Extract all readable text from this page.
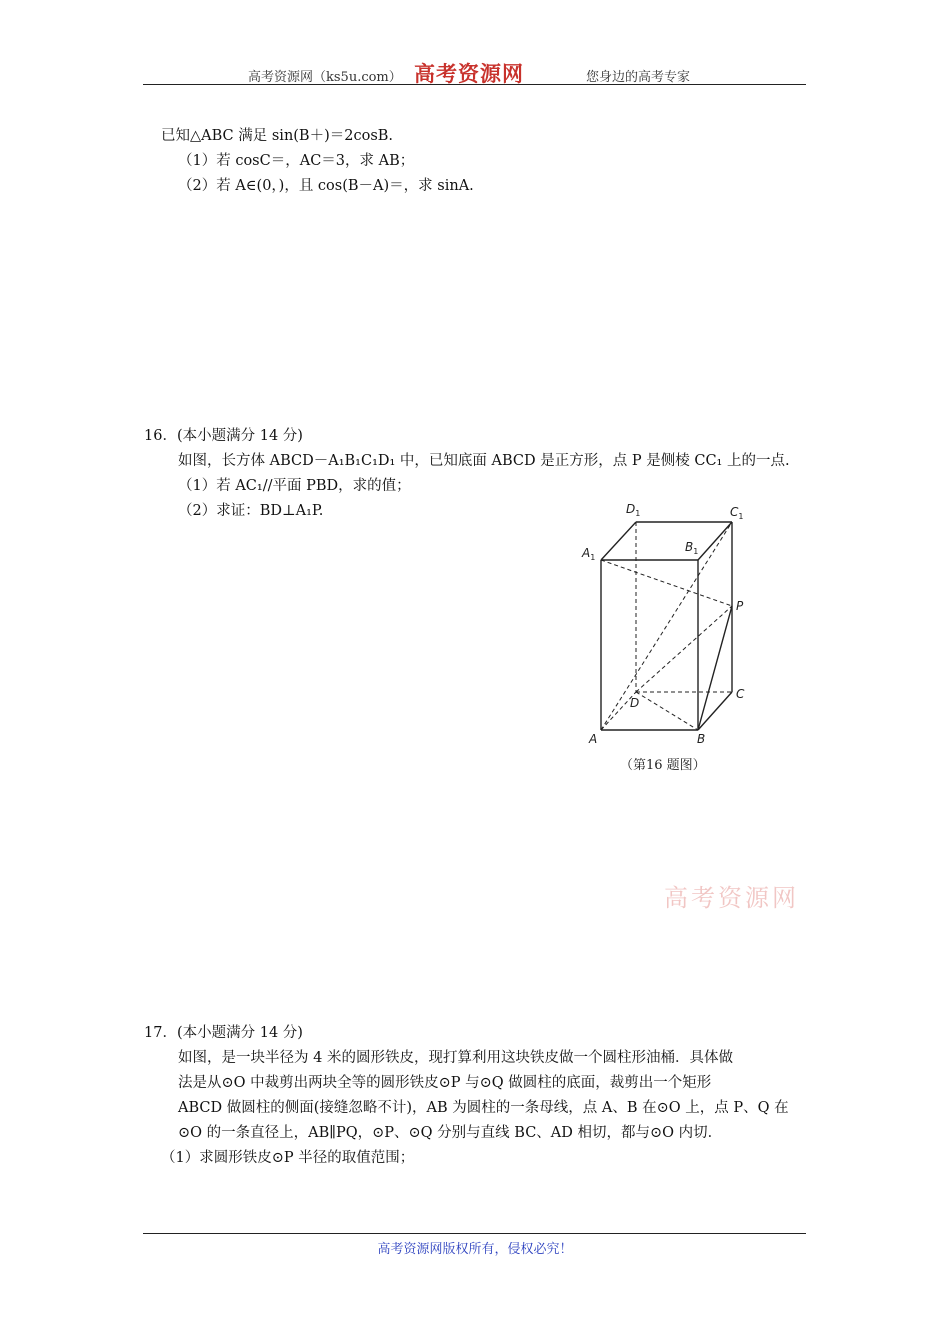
高考资源网（ks5u.com） 高考资源网	您身边的高考专家
已知△ABC 满足 sin(B＋)＝2cosB.
（1）若 cosC＝，AC＝3，求 AB；
（2）若 A∈(0，)，且 cos(B－A)＝，求 sinA.
16．(本小题满分 14 分)
如图，长方体 ABCD－A₁B₁C₁D₁ 中，已知底面 ABCD 是正方形，点 P 是侧棱 CC₁ 上的一点.
（1）若 AC₁//平面 PBD，求的值；
（2）求证：BD⊥A₁P.	$D_1$	$C_1$
$A_1$
$B_1$
P
C
D
A	B
（第16 题图）
高考资源网
17．(本小题满分 14 分)
如图，是一块半径为 4 米的圆形铁皮，现打算利用这块铁皮做一个圆柱形油桶．具体做
法是从⊙O 中裁剪出两块全等的圆形铁皮⊙P 与⊙Q 做圆柱的底面，裁剪出一个矩形
ABCD 做圆柱的侧面(接缝忽略不计)，AB 为圆柱的一条母线，点 A、B 在⊙O 上，点 P、Q 在
⊙O 的一条直径上，AB∥PQ，⊙P、⊙Q 分别与直线 BC、AD 相切，都与⊙O 内切．
（1）求圆形铁皮⊙P 半径的取值范围；
高考资源网版权所有，侵权必究！
